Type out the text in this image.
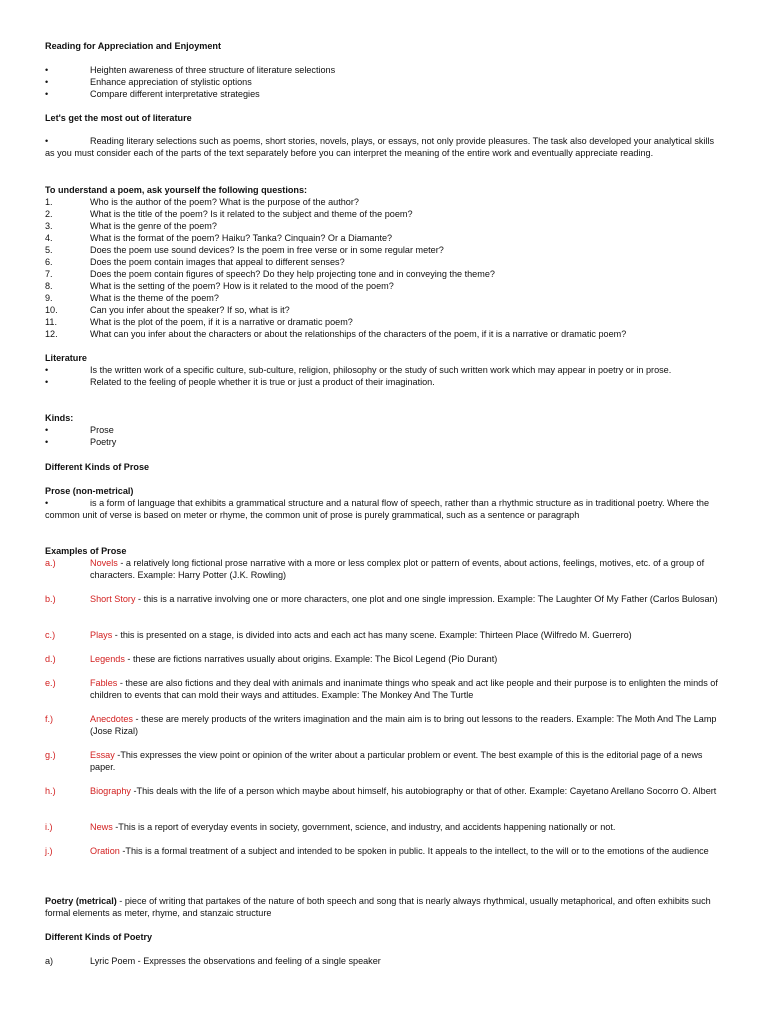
Reading for Appreciation and Enjoyment
•	Heighten awareness of three structure of literature selections
•	Enhance appreciation of stylistic options
•	Compare different interpretative strategies
Let's get the most out of literature
•	Reading literary selections such as poems, short stories, novels, plays, or essays, not only provide pleasures. The task also developed your analytical skills as you must consider each of the parts of the text separately before you can interpret the meaning of the entire work and eventually appreciate reading.
To understand a poem, ask yourself the following questions:
1.	Who is the author of the poem? What is the purpose of the author?
2.	What is the title of the poem? Is it related to the subject and theme of the poem?
3.	What is the genre of the poem?
4.	What is the format of the poem? Haiku? Tanka? Cinquain? Or a Diamante?
5.	Does the poem use sound devices? Is the poem in free verse or in some regular meter?
6.	Does the poem contain images that appeal to different senses?
7.	Does the poem contain figures of speech? Do they help projecting tone and in conveying the theme?
8.	What is the setting of the poem? How is it related to the mood of the poem?
9.	What is the theme of the poem?
10.	Can you infer about the speaker? If so, what is it?
11.	What is the plot of the poem, if it is a narrative or dramatic poem?
12.	What can you infer about the characters or about the relationships of the characters of the poem, if it is a narrative or dramatic poem?
Literature
•	Is the written work of a specific culture, sub-culture, religion, philosophy or the study of such written work which may appear in poetry or in prose.
•	Related to the feeling of people whether it is true or just a product of their imagination.
Kinds:
•	Prose
•	Poetry
Different Kinds of Prose
Prose (non-metrical)
•	is a form of language that exhibits a grammatical structure and a natural flow of speech, rather than a rhythmic structure as in traditional poetry. Where the common unit of verse is based on meter or rhyme, the common unit of prose is purely grammatical, such as a sentence or paragraph
Examples of Prose
a.)	Novels - a relatively long fictional prose narrative with a more or less complex plot or pattern of events, about actions, feelings, motives, etc. of a group of characters. Example: Harry Potter (J.K. Rowling)
b.)	Short Story - this is a narrative involving one or more characters, one plot and one single impression. Example: The Laughter Of My Father (Carlos Bulosan)
c.)	Plays - this is presented on a stage, is divided into acts and each act has many scene. Example: Thirteen Place (Wilfredo M. Guerrero)
d.)	Legends - these are fictions narratives usually about origins. Example: The Bicol Legend (Pio Durant)
e.)	Fables - these are also fictions and they deal with animals and inanimate things who speak and act like people and their purpose is to enlighten the minds of children to events that can mold their ways and attitudes. Example: The Monkey And The Turtle
f.)	Anecdotes - these are merely products of the writers imagination and the main aim is to bring out lessons to the readers. Example: The Moth And The Lamp (Jose Rizal)
g.)	Essay -This expresses the view point or opinion of the writer about a particular problem or event. The best example of this is the editorial page of a news paper.
h.)	Biography -This deals with the life of a person which maybe about himself, his autobiography or that of other. Example: Cayetano Arellano Socorro O. Albert
i.)	News -This is a report of everyday events in society, government, science, and industry, and accidents happening nationally or not.
j.)	Oration -This is a formal treatment of a subject and intended to be spoken in public. It appeals to the intellect, to the will or to the emotions of the audience
Poetry (metrical) - piece of writing that partakes of the nature of both speech and song that is nearly always rhythmical, usually metaphorical, and often exhibits such formal elements as meter, rhyme, and stanzaic structure
Different Kinds of Poetry
a)	Lyric Poem - Expresses the observations and feeling of a single speaker
